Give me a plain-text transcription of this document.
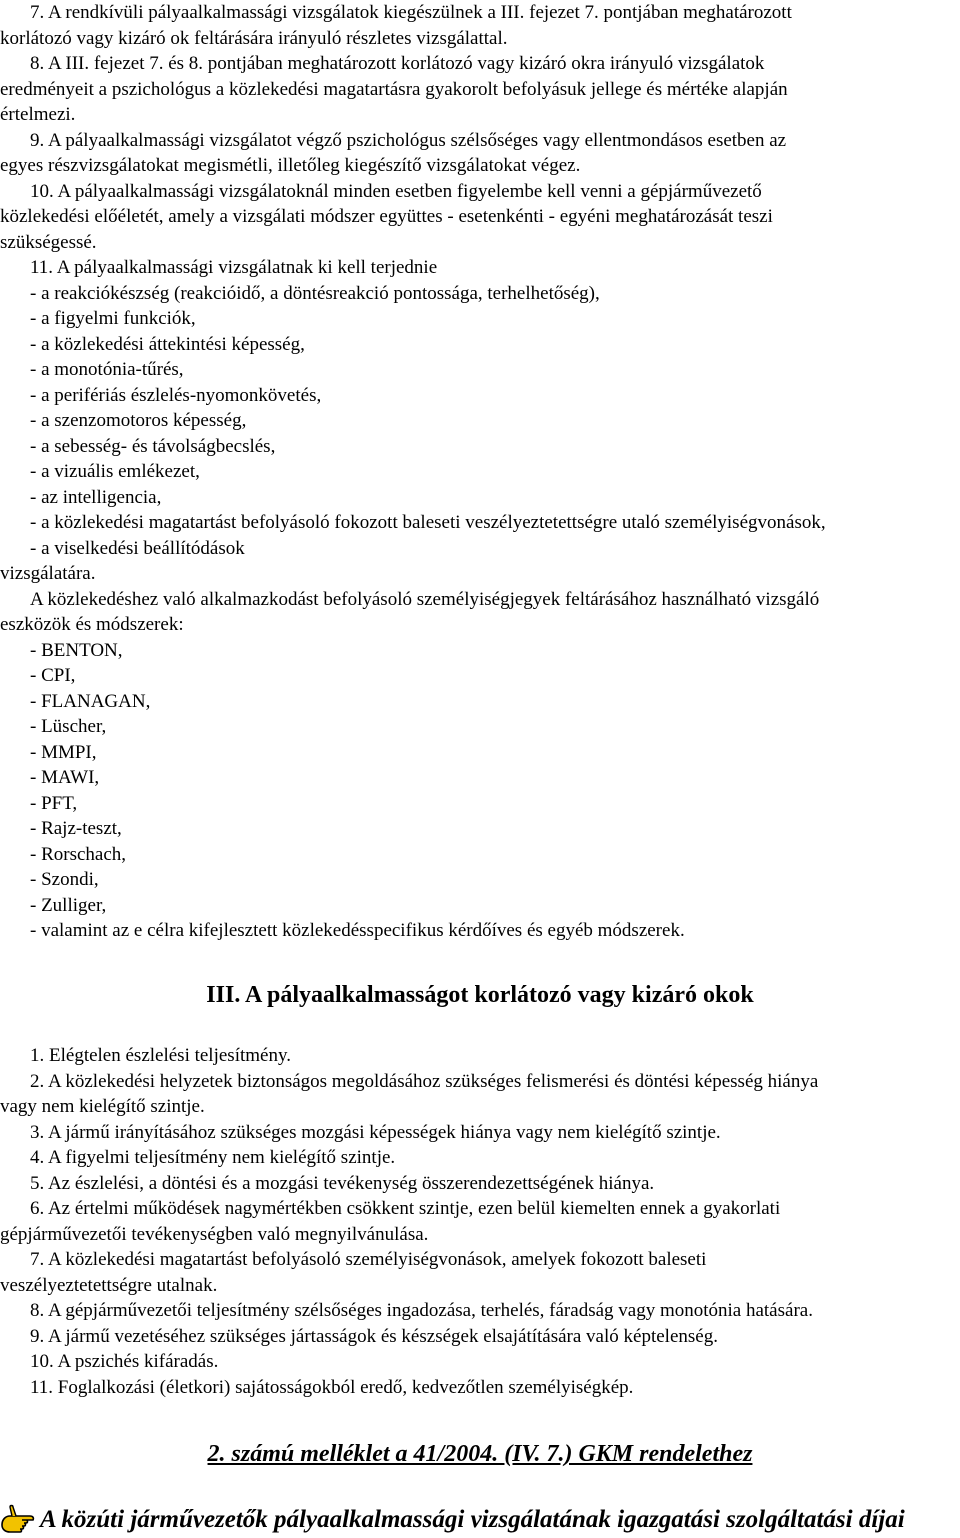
7. A rendkívüli pályaalkalmassági vizsgálatok kiegészülnek a III. fejezet 7. pontjában meghatározott
korlátozó vagy kizáró ok feltárására irányuló részletes vizsgálattal.
8. A III. fejezet 7. és 8. pontjában meghatározott korlátozó vagy kizáró okra irányuló vizsgálatok
eredményeit a pszichológus a közlekedési magatartásra gyakorolt befolyásuk jellege és mértéke alapján
értelmezi.
9. A pályaalkalmassági vizsgálatot végző pszichológus szélsőséges vagy ellentmondásos esetben az
egyes részvizsgálatokat megismétli, illetőleg kiegészítő vizsgálatokat végez.
10. A pályaalkalmassági vizsgálatoknál minden esetben figyelembe kell venni a gépjárművezető
közlekedési előéletét, amely a vizsgálati módszer együttes - esetenkénti - egyéni meghatározását teszi
szükségessé.
11. A pályaalkalmassági vizsgálatnak ki kell terjednie
- a reakciókészség (reakcióidő, a döntésreakció pontossága, terhelhetőség),
- a figyelmi funkciók,
- a közlekedési áttekintési képesség,
- a monotónia-tűrés,
- a perifériás észlelés-nyomonkövetés,
- a szenzomotoros képesség,
- a sebesség- és távolságbecslés,
- a vizuális emlékezet,
- az intelligencia,
- a közlekedési magatartást befolyásoló fokozott baleseti veszélyeztetettségre utaló személyiségvonások,
- a viselkedési beállítódások
vizsgálatára.
A közlekedéshez való alkalmazkodást befolyásoló személyiségjegyek feltárásához használható vizsgáló
eszközök és módszerek:
- BENTON,
- CPI,
- FLANAGAN,
- Lüscher,
- MMPI,
- MAWI,
- PFT,
- Rajz-teszt,
- Rorschach,
- Szondi,
- Zulliger,
- valamint az e célra kifejlesztett közlekedésspecifikus kérdőíves és egyéb módszerek.
III. A pályaalkalmasságot korlátozó vagy kizáró okok
1. Elégtelen észlelési teljesítmény.
2. A közlekedési helyzetek biztonságos megoldásához szükséges felismerési és döntési képesség hiánya
vagy nem kielégítő szintje.
3. A jármű irányításához szükséges mozgási képességek hiánya vagy nem kielégítő szintje.
4. A figyelmi teljesítmény nem kielégítő szintje.
5. Az észlelési, a döntési és a mozgási tevékenység összerendezettségének hiánya.
6. Az értelmi működések nagymértékben csökkent szintje, ezen belül kiemelten ennek a gyakorlati
gépjárművezetői tevékenységben való megnyilvánulása.
7. A közlekedési magatartást befolyásoló személyiségvonások, amelyek fokozott baleseti
veszélyeztetettségre utalnak.
8. A gépjárművezetői teljesítmény szélsőséges ingadozása, terhelés, fáradság vagy monotónia hatására.
9. A jármű vezetéséhez szükséges jártasságok és készségek elsajátítására való képtelenség.
10. A pszichés kifáradás.
11. Foglalkozási (életkori) sajátosságokból eredő, kedvezőtlen személyiségkép.
2. számú melléklet a 41/2004. (IV. 7.) GKM rendelethez
A közúti járművezetők pályaalkalmassági vizsgálatának igazgatási szolgáltatási díjai
